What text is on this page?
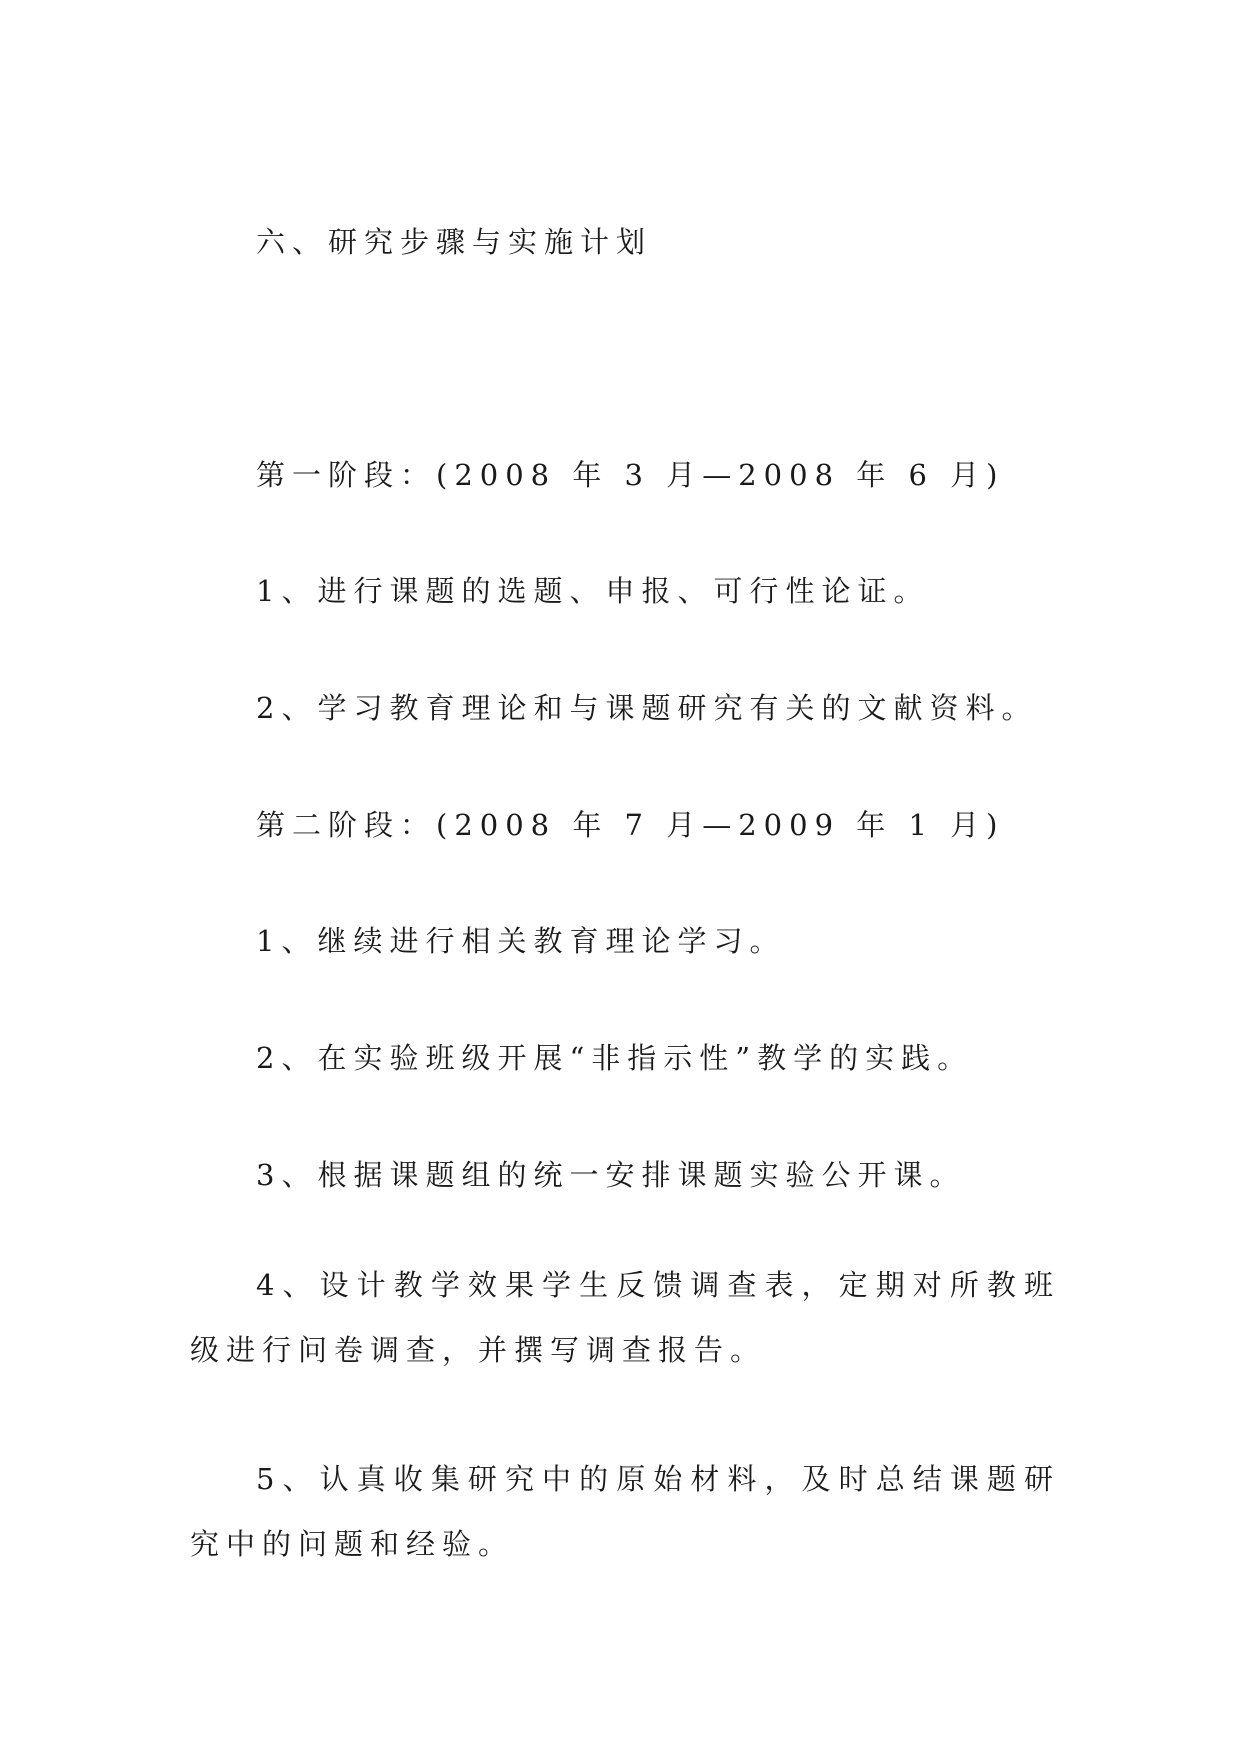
六、研究步骤与实施计划
第一阶段：(2008 年 3 月—2008 年 6 月)
1、进行课题的选题、申报、可行性论证。
2、学习教育理论和与课题研究有关的文献资料。
第二阶段：(2008 年 7 月—2009 年 1 月)
1、继续进行相关教育理论学习。
2、在实验班级开展“非指示性”教学的实践。
3、根据课题组的统一安排课题实验公开课。
4、设计教学效果学生反馈调查表，定期对所教班级进行问卷调查，并撰写调查报告。
5、认真收集研究中的原始材料，及时总结课题研究中的问题和经验。
